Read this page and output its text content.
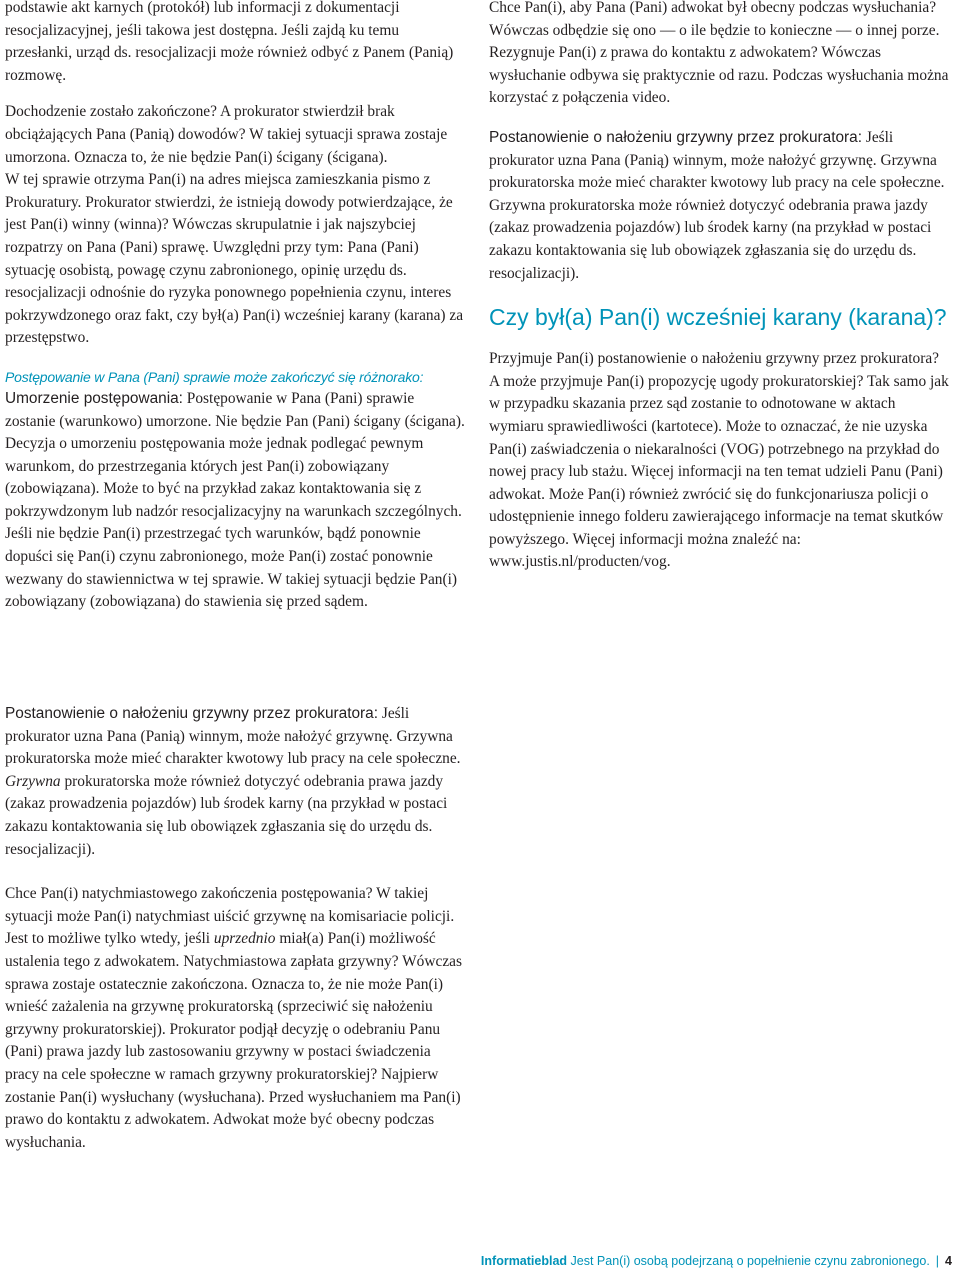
podstawie akt karnych (protokół) lub informacji z dokumentacji resocjalizacyjnej, jeśli takowa jest dostępna. Jeśli zajdą ku temu przesłanki, urząd ds. resocjalizacji może również odbyć z Panem (Panią) rozmowę.

Dochodzenie zostało zakończone? A prokurator stwierdził brak obciążających Pana (Panią) dowodów? W takiej sytuacji sprawa zostaje umorzona. Oznacza to, że nie będzie Pan(i) ścigany (ścigana).

W tej sprawie otrzyma Pan(i) na adres miejsca zamieszkania pismo z Prokuratury. Prokurator stwierdzi, że istnieją dowody potwierdzające, że jest Pan(i) winny (winna)? Wówczas skrupulatnie i jak najszybciej rozpatrzy on Pana (Pani) sprawę. Uwzględni przy tym: Pana (Pani) sytuację osobistą, powagę czynu zabronionego, opinię urzędu ds. resocjalizacji odnośnie do ryzyka ponownego popełnienia czynu, interes pokrzywdzonego oraz fakt, czy był(a) Pan(i) wcześniej karany (karana) za przestępstwo.

Postępowanie w Pana (Pani) sprawie może zakończyć się różnorako:

Umorzenie postępowania: Postępowanie w Pana (Pani) sprawie zostanie (warunkowo) umorzone. Nie będzie Pan (Pani) ścigany (ścigana). Decyzja o umorzeniu postępowania może jednak podlegać pewnym warunkom, do przestrzegania których jest Pan(i) zobowiązany (zobowiązana). Może to być na przykład zakaz kontaktowania się z pokrzywdzonym lub nadzór resocjalizacyjny na warunkach szczególnych. Jeśli nie będzie Pan(i) przestrzegać tych warunków, bądź ponownie dopuści się Pan(i) czynu zabronionego, może Pan(i) zostać ponownie wezwany do stawiennictwa w tej sprawie. W takiej sytuacji będzie Pan(i) zobowiązany (zobowiązana) do stawienia się przed sądem.

Chce Pan(i), aby Pana (Pani) adwokat był obecny podczas wysłuchania? Wówczas odbędzie się ono — o ile będzie to konieczne — o innej porze. Rezygnuje Pan(i) z prawa do kontaktu z adwokatem? Wówczas wysłuchanie odbywa się praktycznie od razu. Podczas wysłuchania można korzystać z połączenia video.

Postanowienie o nałożeniu grzywny przez prokuratora: Jeśli prokurator uzna Pana (Panią) winnym, może nałożyć grzywnę. Grzywna prokuratorska może mieć charakter kwotowy lub pracy na cele społeczne. Grzywna prokuratorska może również dotyczyć odebrania prawa jazdy (zakaz prowadzenia pojazdów) lub środek karny (na przykład w postaci zakazu kontaktowania się lub obowiązek zgłaszania się do urzędu ds. resocjalizacji).

Czy był(a) Pan(i) wcześniej karany (karana)?

Przyjmuje Pan(i) postanowienie o nałożeniu grzywny przez prokuratora? A może przyjmuje Pan(i) propozycję ugody prokuratorskiej? Tak samo jak w przypadku skazania przez sąd zostanie to odnotowane w aktach wymiaru sprawiedliwości (kartotece). Może to oznaczać, że nie uzyska Pan(i) zaświadczenia o niekaralności (VOG) potrzebnego na przykład do nowej pracy lub stażu. Więcej informacji na ten temat udzieli Panu (Pani) adwokat. Może Pan(i) również zwrócić się do funkcjonariusza policji o udostępnienie innego folderu zawierającego informacje na temat skutków powyższego. Więcej informacji można znaleźć na: www.justis.nl/producten/vog.

Postanowienie o nałożeniu grzywny przez prokuratora: Jeśli prokurator uzna Pana (Panią) winnym, może nałożyć grzywnę. Grzywna prokuratorska może mieć charakter kwotowy lub pracy na cele społeczne. Grzywna prokuratorska może również dotyczyć odebrania prawa jazdy (zakaz prowadzenia pojazdów) lub środek karny (na przykład w postaci zakazu kontaktowania się lub obowiązek zgłaszania się do urzędu ds. resocjalizacji).

Chce Pan(i) natychmiastowego zakończenia postępowania? W takiej sytuacji może Pan(i) natychmiast uiścić grzywnę na komisariacie policji. Jest to możliwe tylko wtedy, jeśli uprzednio miał(a) Pan(i) możliwość ustalenia tego z adwokatem. Natychmiastowa zapłata grzywny? Wówczas sprawa zostaje ostatecznie zakończona. Oznacza to, że nie może Pan(i) wnieść zażalenia na grzywnę prokuratorską (sprzeciwić się nałożeniu grzywny prokuratorskiej). Prokurator podjął decyzję o odebraniu Panu (Pani) prawa jazdy lub zastosowaniu grzywny w postaci świadczenia pracy na cele społeczne w ramach grzywny prokuratorskiej? Najpierw zostanie Pan(i) wysłuchany (wysłuchana). Przed wysłuchaniem ma Pan(i) prawo do kontaktu z adwokatem. Adwokat może być obecny podczas wysłuchania.

Informatieblad Jest Pan(i) osobą podejrzaną o popełnienie czynu zabronionego. | 4
